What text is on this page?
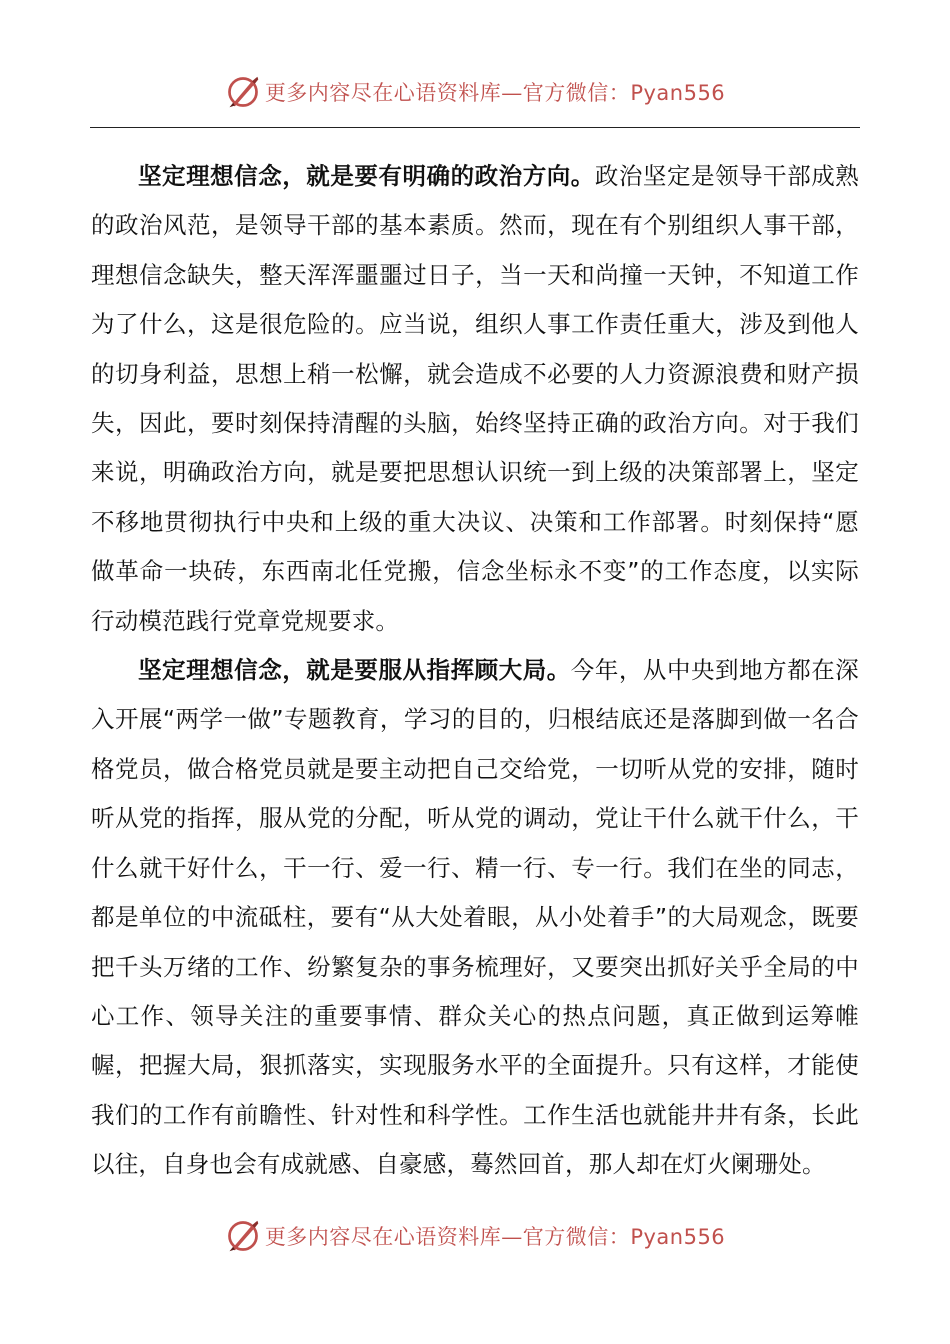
更多内容尽在心语资料库—官方微信：Pyan556

坚定理想信念，就是要有明确的政治方向。政治坚定是领导干部成熟的政治风范，是领导干部的基本素质。然而，现在有个别组织人事干部，理想信念缺失，整天浑浑噩噩过日子，当一天和尚撞一天钟，不知道工作为了什么，这是很危险的。应当说，组织人事工作责任重大，涉及到他人的切身利益，思想上稍一松懈，就会造成不必要的人力资源浪费和财产损失，因此，要时刻保持清醒的头脑，始终坚持正确的政治方向。对于我们来说，明确政治方向，就是要把思想认识统一到上级的决策部署上，坚定不移地贯彻执行中央和上级的重大决议、决策和工作部署。时刻保持“愿做革命一块砖，东西南北任党搬，信念坐标永不变”的工作态度，以实际行动模范践行党章党规要求。

坚定理想信念，就是要服从指挥顾大局。今年，从中央到地方都在深入开展“两学一做”专题教育，学习的目的，归根结底还是落脚到做一名合格党员，做合格党员就是要主动把自己交给党，一切听从党的安排，随时听从党的指挥，服从党的分配，听从党的调动，党让干什么就干什么，干什么就干好什么，干一行、爱一行、精一行、专一行。我们在坐的同志，都是单位的中流砥柱，要有“从大处着眼，从小处着手”的大局观念，既要把千头万绪的工作、纷繁复杂的事务梳理好，又要突出抓好关乎全局的中心工作、领导关注的重要事情、群众关心的热点问题，真正做到运筹帷幄，把握大局，狠抓落实，实现服务水平的全面提升。只有这样，才能使我们的工作有前瞻性、针对性和科学性。工作生活也就能井井有条，长此以往，自身也会有成就感、自豪感，蓦然回首，那人却在灯火阑珊处。

更多内容尽在心语资料库—官方微信：Pyan556
